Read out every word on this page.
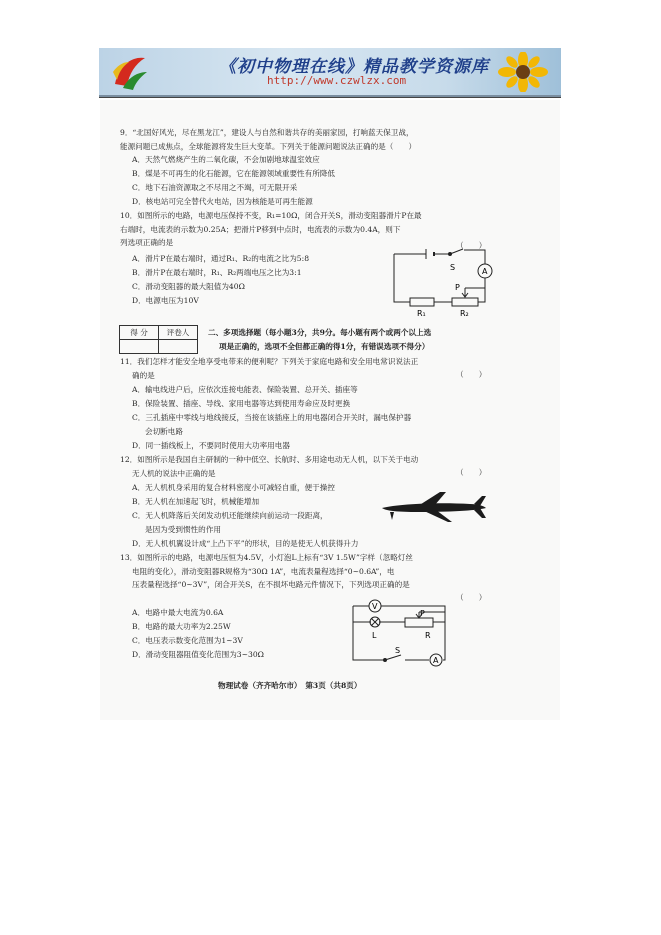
《初中物理在线》精品教学资源库
http://www.czwlzx.com
9．“北国好风光，尽在黑龙江”，建设人与自然和谐共存的美丽家园，打响蓝天保卫战，
能源问题已成焦点，全球能源将发生巨大变革。下列关于能源问题说法正确的是（　　）
A．天然气燃烧产生的二氧化碳，不会加剧地球温室效应
B．煤是不可再生的化石能源，它在能源领域重要性有所降低
C．地下石油资源取之不尽用之不竭，可无限开采
D．核电站可完全替代火电站，因为核能是可再生能源
10．如图所示的电路，电源电压保持不变，R₁=10Ω，闭合开关S，滑动变阻器滑片P在最
右端时，电流表的示数为0.25A；把滑片P移到中点时，电流表的示数为0.4A，则下
列选项正确的是	（　　）
A．滑片P在最右端时，通过R₁、R₂的电流之比为5:8
B．滑片P在最右端时，R₁、R₂两端电压之比为3:1
C．滑动变阻器的最大阻值为40Ω
D．电源电压为10V
S	A
P
R₁	R₂
得 分	评卷人
	二、多项选择题（每小题3分，共9分。每小题有两个或两个以上选
项是正确的，选项不全但都正确的得1分，有错误选项不得分）
11．我们怎样才能安全地享受电带来的便利呢？下列关于家庭电路和安全用电常识说法正
确的是	（　　）
A．输电线进户后，应依次连接电能表、保险装置、总开关、插座等
B．保险装置、插座、导线、家用电器等达到使用寿命应及时更换
C．三孔插座中零线与地线接反，当接在该插座上的用电器闭合开关时，漏电保护器
会切断电路
D．同一插线板上，不要同时使用大功率用电器
12．如图所示是我国自主研制的一种中低空、长航时、多用途电动无人机，以下关于电动
无人机的说法中正确的是	（　　）
A．无人机机身采用的复合材料密度小可减轻自重，便于操控
B．无人机在加速起飞时，机械能增加
C．无人机降落后关闭发动机还能继续向前运动一段距离，
是因为受到惯性的作用
D．无人机机翼设计成“上凸下平”的形状，目的是使无人机获得升力
13．如图所示的电路，电源电压恒为4.5V，小灯泡L上标有“3V 1.5W”字样（忽略灯丝
电阻的变化），滑动变阻器R规格为“30Ω 1A”，电流表量程选择“0~0.6A”，电
压表量程选择“0~3V”，闭合开关S，在不损坏电路元件情况下，下列选项正确的是
（　　）
A．电路中最大电流为0.6A
B．电路的最大功率为2.25W
C．电压表示数变化范围为1~3V
D．滑动变阻器阻值变化范围为3~30Ω
V
L
P
R
S
A
物理试卷（齐齐哈尔市）　第3页（共8页）
